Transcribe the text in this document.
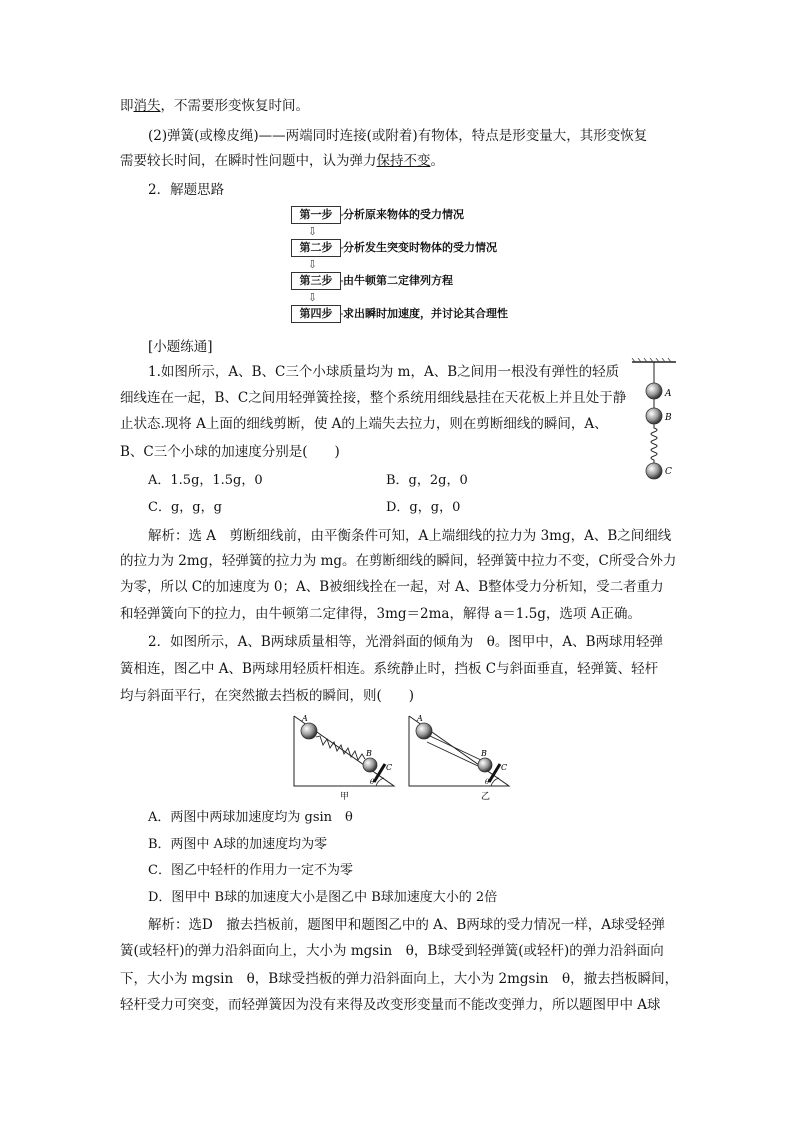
即消失，不需要形变恢复时间。
(2)弹簧(或橡皮绳)——两端同时连接(或附着)有物体，特点是形变量大，其形变恢复
需要较长时间，在瞬时性问题中，认为弹力保持不变。
2．解题思路
第一步 分析原来物体的受力情况
⇩
第二步 分析发生突变时物体的受力情况
⇩
第三步 由牛顿第二定律列方程
⇩
第四步 求出瞬时加速度，并讨论其合理性
[小题练通]
1.如图所示，A、B、C三个小球质量均为 m，A、B之间用一根没有弹性的轻质
细线连在一起，B、C之间用轻弹簧拴接，整个系统用细线悬挂在天花板上并且处于静
止状态.现将 A上面的细线剪断，使 A的上端失去拉力，则在剪断细线的瞬间，A、
B、C三个小球的加速度分别是(　　)
A
B
C
A．1.5g，1.5g，0	B．g，2g，0
C．g，g，g	D．g，g，0
解析：选 A　剪断细线前，由平衡条件可知，A上端细线的拉力为 3mg，A、B之间细线
的拉力为 2mg，轻弹簧的拉力为 mg。在剪断细线的瞬间，轻弹簧中拉力不变，C所受合外力
为零，所以 C的加速度为 0；A、B被细线拴在一起，对 A、B整体受力分析知，受二者重力
和轻弹簧向下的拉力，由牛顿第二定律得，3mg＝2ma，解得 a＝1.5g，选项 A正确。
2．如图所示，A、B两球质量相等，光滑斜面的倾角为　θ。图甲中，A、B两球用轻弹
簧相连，图乙中 A、B两球用轻质杆相连。系统静止时，挡板 C与斜面垂直，轻弹簧、轻杆
均与斜面平行，在突然撤去挡板的瞬间，则(　　)
A
B
C
θ
甲
A
B
C
θ
乙
A．两图中两球加速度均为 gsin　θ
B．两图中 A球的加速度均为零
C．图乙中轻杆的作用力一定不为零
D．图甲中 B球的加速度大小是图乙中 B球加速度大小的 2倍
解析：选D　撤去挡板前，题图甲和题图乙中的 A、B两球的受力情况一样，A球受轻弹
簧(或轻杆)的弹力沿斜面向上，大小为 mgsin　θ，B球受到轻弹簧(或轻杆)的弹力沿斜面向
下，大小为 mgsin　θ，B球受挡板的弹力沿斜面向上，大小为 2mgsin　θ，撤去挡板瞬间，
轻杆受力可突变，而轻弹簧因为没有来得及改变形变量而不能改变弹力，所以题图甲中 A球
